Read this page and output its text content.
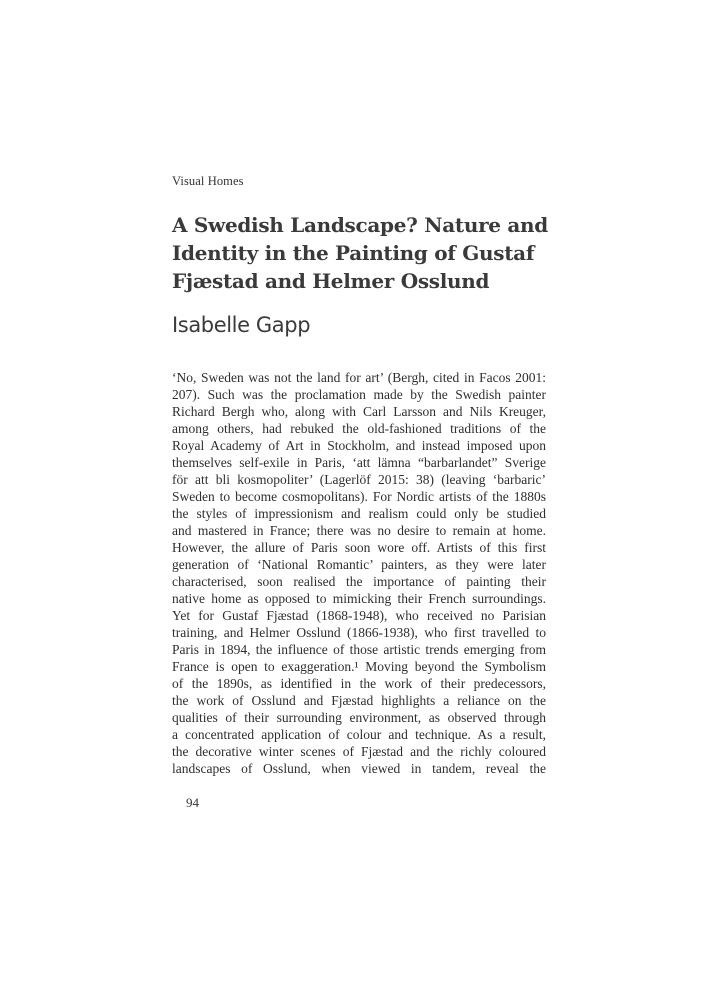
Visual Homes
A Swedish Landscape? Nature and Identity in the Painting of Gustaf Fjæstad and Helmer Osslund
Isabelle Gapp
‘No, Sweden was not the land for art’ (Bergh, cited in Facos 2001:
207). Such was the proclamation made by the Swedish painter
Richard Bergh who, along with Carl Larsson and Nils Kreuger,
among others, had rebuked the old-fashioned traditions of the
Royal Academy of Art in Stockholm, and instead imposed upon
themselves self-exile in Paris, ‘att lämna “barbarlandet” Sverige
för att bli kosmopoliter’ (Lagerlöf 2015: 38) (leaving ‘barbaric’
Sweden to become cosmopolitans). For Nordic artists of the 1880s
the styles of impressionism and realism could only be studied
and mastered in France; there was no desire to remain at home.
However, the allure of Paris soon wore off. Artists of this first
generation of ‘National Romantic’ painters, as they were later
characterised, soon realised the importance of painting their
native home as opposed to mimicking their French surroundings.
Yet for Gustaf Fjæstad (1868-1948), who received no Parisian
training, and Helmer Osslund (1866-1938), who first travelled to
Paris in 1894, the influence of those artistic trends emerging from
France is open to exaggeration.¹ Moving beyond the Symbolism
of the 1890s, as identified in the work of their predecessors,
the work of Osslund and Fjæstad highlights a reliance on the
qualities of their surrounding environment, as observed through
a concentrated application of colour and technique. As a result,
the decorative winter scenes of Fjæstad and the richly coloured
landscapes of Osslund, when viewed in tandem, reveal the
94
